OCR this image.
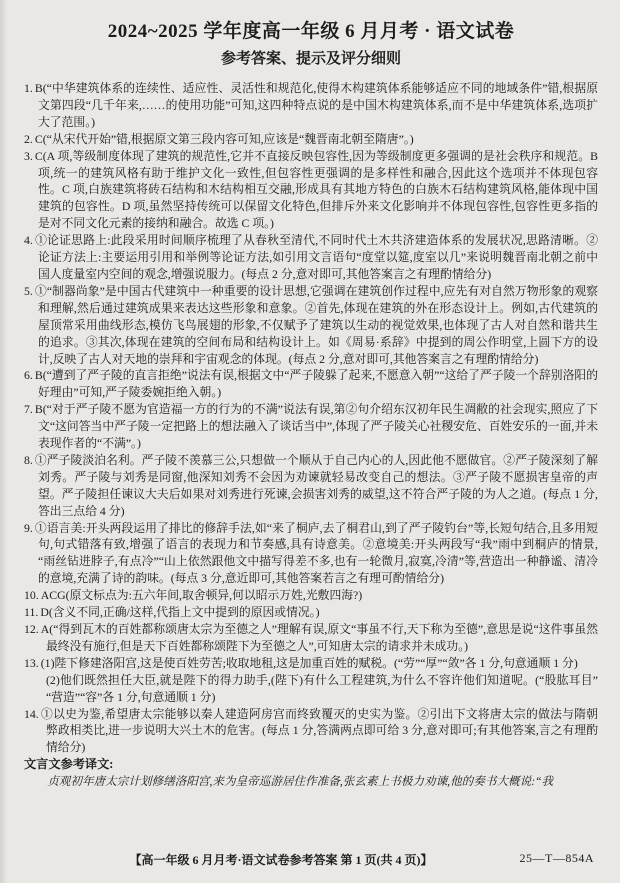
2024~2025 学年度高一年级 6 月月考 · 语文试卷
参考答案、提示及评分细则
1. B(“中华建筑体系的连续性、适应性、灵活性和规范化,使得木构建筑体系能够适应不同的地域条件”错,根据原文第四段“几千年来,……的使用功能”可知,这四种特点说的是中国木构建筑体系,而不是中华建筑体系,选项扩大了范围。)
2. C(“从宋代开始”错,根据原文第三段内容可知,应该是“魏晋南北朝至隋唐”。)
3. C(A 项,等级制度体现了建筑的规范性,它并不直接反映包容性,因为等级制度更多强调的是社会秩序和规范。B 项,统一的建筑风格有助于维护文化一致性,但包容性更强调的是多样性和融合,因此这个选项并不体现包容性。C 项,白族建筑将砖石结构和木结构相互交融,形成具有其地方特色的白族木石结构建筑风格,能体现中国建筑的包容性。D 项,虽然坚持传统可以保留文化特色,但排斥外来文化影响并不体现包容性,包容性更多指的是对不同文化元素的接纳和融合。故选 C 项。)
4. ①论证思路上:此段采用时间顺序梳理了从春秋至清代,不同时代土木共济建造体系的发展状况,思路清晰。②论证方法上:主要运用引用和举例等论证方法,如引用文言语句“度堂以筵,度室以几”来说明魏晋南北朝之前中国人度量室内空间的观念,增强说服力。(每点 2 分,意对即可,其他答案言之有理酌情给分)
5. ①“制器尚象”是中国古代建筑中一种重要的设计思想,它强调在建筑创作过程中,应先有对自然万物形象的观察和理解,然后通过建筑成果来表达这些形象和意象。②首先,体现在建筑的外在形态设计上。例如,古代建筑的屋顶常采用曲线形态,模仿飞鸟展翅的形象,不仅赋予了建筑以生动的视觉效果,也体现了古人对自然和谐共生的追求。③其次,体现在建筑的空间布局和结构设计上。如《周易·系辞》中提到的周公作明堂,上圆下方的设计,反映了古人对天地的崇拜和宇宙观念的体现。(每点 2 分,意对即可,其他答案言之有理酌情给分)
6. B(“遭到了严子陵的直言拒绝”说法有误,根据文中“严子陵躲了起来,不愿意入朝”“这给了严子陵一个辞别洛阳的好理由”可知,严子陵委婉拒绝入朝。)
7. B(“对于严子陵不愿为官造福一方的行为的不满”说法有误,第②句介绍东汉初年民生凋敝的社会现实,照应了下文“这问答当中严子陵一定把路上的想法融入了谈话当中”,体现了严子陵关心社稷安危、百姓安乐的一面,并未表现作者的“不满”。)
8. ①严子陵淡泊名利。严子陵不羡慕三公,只想做一个顺从于自己内心的人,因此他不愿做官。②严子陵深刻了解刘秀。严子陵与刘秀是同窗,他深知刘秀不会因为劝谏就轻易改变自己的想法。③严子陵不愿损害皇帝的声望。严子陵担任谏议大夫后如果对刘秀进行死谏,会损害刘秀的威望,这不符合严子陵的为人之道。(每点 1 分,答出三点给 4 分)
9. ①语言美:开头两段运用了排比的修辞手法,如“来了桐庐,去了桐君山,到了严子陵钓台”等,长短句结合,且多用短句,句式错落有致,增强了语言的表现力和节奏感,具有诗意美。②意境美:开头两段写“我”雨中到桐庐的情景,“雨丝钻进脖子,有点冷”“山上依然跟他文中描写得差不多,也有一轮微月,寂寞,冷清”等,营造出一种静谧、清冷的意境,充满了诗的韵味。(每点 3 分,意近即可,其他答案若言之有理可酌情给分)
10. ACG(原文标点为:五六年间,取舍顿异,何以昭示万姓,光敷四海?)
11. D(含义不同,正确/这样,代指上文中提到的原因或情况。)
12. A(“得到瓦木的百姓都称颂唐太宗为至德之人”理解有误,原文“事虽不行,天下称为至德”,意思是说“这件事虽然最终没有施行,但是天下百姓都称颂陛下为至德之人”,可知唐太宗的请求并未成功。)
13. (1)陛下修建洛阳宫,这是使百姓劳苦;收取地租,这是加重百姓的赋税。(“劳”“厚”“敛”各 1 分,句意通顺 1 分)
(2)他们既然担任大臣,就是陛下的得力助手,(陛下)有什么工程建筑,为什么不容许他们知道呢。(“股肱耳目”“营造”“容”各 1 分,句意通顺 1 分)
14. ①以史为鉴,希望唐太宗能够以秦人建造阿房宫而终致覆灭的史实为鉴。②引出下文将唐太宗的做法与隋朝弊政相类比,进一步说明大兴土木的危害。(每点 1 分,答满两点即可给 3 分,意对即可;有其他答案,言之有理酌情给分)
文言文参考译文:
贞观初年唐太宗计划修缮洛阳宫,来为皇帝巡游居住作准备,张玄素上书极力劝谏,他的奏书大概说:“我
【高一年级 6 月月考·语文试卷参考答案 第 1 页(共 4 页)】	25—T—854A
